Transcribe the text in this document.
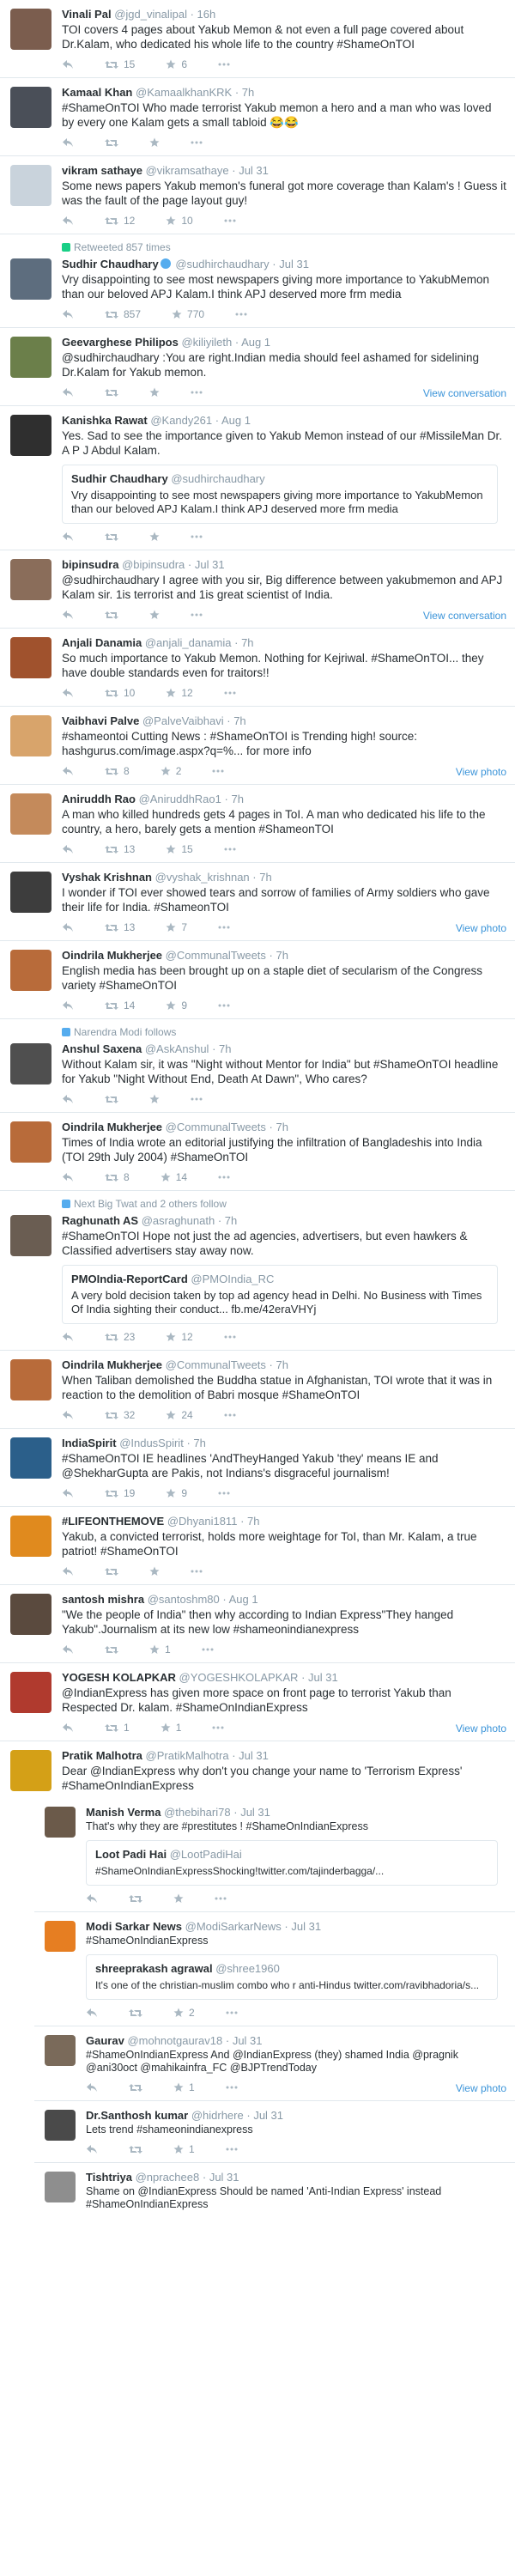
Vinali Pal @jgd_vinalipal · 16h
TOI covers 4 pages about Yakub Memon & not even a full page covered about Dr.Kalam, who dedicated his whole life to the country #ShameOnTOI
15	6
Kamaal Khan @KamaalkhanKRK · 7h
#ShameOnTOI Who made terrorist Yakub memon a hero and a man who was loved by every one Kalam gets a small tabloid 😂😂
vikram sathaye @vikramsathaye · Jul 31
Some news papers Yakub memon's funeral got more coverage than Kalam's ! Guess it was the fault of the page layout guy!
12	10
Retweeted 857 times
Sudhir Chaudhary @sudhirchaudhary · Jul 31
Vry disappointing to see most newspapers giving more importance to YakubMemon than our beloved APJ Kalam.I think APJ deserved more frm media
857	770
Geevarghese Philipos @kiliyileth · Aug 1
@sudhirchaudhary :You are right.Indian media should feel ashamed for sidelining Dr.Kalam for Yakub memon.
View conversation
Kanishka Rawat @Kandy261 · Aug 1
Yes. Sad to see the importance given to Yakub Memon instead of our #MissileMan Dr. A P J Abdul Kalam.
Sudhir Chaudhary @sudhirchaudhary
Vry disappointing to see most newspapers giving more importance to YakubMemon than our beloved APJ Kalam.I think APJ deserved more frm media
bipinsudra @bipinsudra · Jul 31
@sudhirchaudhary I agree with you sir, Big difference between yakubmemon and APJ Kalam sir. 1is terrorist and 1is great scientist of India.
View conversation
Anjali Danamia @anjali_danamia · 7h
So much importance to Yakub Memon. Nothing for Kejriwal. #ShameOnTOI... they have double standards even for traitors!!
10	12
Vaibhavi Palve @PalveVaibhavi · 7h
#shameontoi Cutting News : #ShameOnTOI is Trending high! source: hashgurus.com/image.aspx?q=%... for more info
8	2	View photo
Aniruddh Rao @AniruddhRao1 · 7h
A man who killed hundreds gets 4 pages in ToI. A man who dedicated his life to the country, a hero, barely gets a mention #ShameonTOI
13	15
Vyshak Krishnan @vyshak_krishnan · 7h
I wonder if TOI ever showed tears and sorrow of families of Army soldiers who gave their life for India. #ShameonTOI
13	7	View photo
Oindrila Mukherjee @CommunalTweets · 7h
English media has been brought up on a staple diet of secularism of the Congress variety #ShameOnTOI
14	9
Narendra Modi follows
Anshul Saxena @AskAnshul · 7h
Without Kalam sir, it was "Night without Mentor for India" but #ShameOnTOI headline for Yakub "Night Without End, Death At Dawn", Who cares?
Oindrila Mukherjee @CommunalTweets · 7h
Times of India wrote an editorial justifying the infiltration of Bangladeshis into India (TOI 29th July 2004) #ShameOnTOI
8	14
Next Big Twat and 2 others follow
Raghunath AS @asraghunath · 7h
#ShameOnTOI Hope not just the ad agencies, advertisers, but even hawkers & Classified advertisers stay away now.
PMOIndia-ReportCard @PMOIndia_RC
A very bold decision taken by top ad agency head in Delhi. No Business with Times Of India sighting their conduct... fb.me/42eraVHYj
23	12
Oindrila Mukherjee @CommunalTweets · 7h
When Taliban demolished the Buddha statue in Afghanistan, TOI wrote that it was in reaction to the demolition of Babri mosque #ShameOnTOI
32	24
IndiaSpirit @IndusSpirit · 7h
#ShameOnTOI IE headlines 'AndTheyHanged Yakub 'they' means IE and @ShekharGupta are Pakis, not Indians's disgraceful journalism!
19	9
#LIFEONTHEMOVE @Dhyani1811 · 7h
Yakub, a convicted terrorist, holds more weightage for ToI, than Mr. Kalam, a true patriot! #ShameOnTOI
santosh mishra @santoshm80 · Aug 1
"We the people of India" then why according to Indian Express"They hanged Yakub".Journalism at its new low #shameonindianexpress
1
YOGESH KOLAPKAR @YOGESHKOLAPKAR · Jul 31
@IndianExpress has given more space on front page to terrorist Yakub than Respected Dr. kalam. #ShameOnIndianExpress
1	1	View photo
Pratik Malhotra @PratikMalhotra · Jul 31
Dear @IndianExpress why don't you change your name to 'Terrorism Express' #ShameOnIndianExpress
Manish Verma @thebihari78 · Jul 31
That's why they are #prestitutes ! #ShameOnIndianExpress
Loot Padi Hai @LootPadiHai
#ShameOnIndianExpressShocking!twitter.com/tajinderbagga/...
Modi Sarkar News @ModiSarkarNews · Jul 31
#ShameOnIndianExpress
shreeprakash agrawal @shree1960
It's one of the christian-muslim combo who r anti-Hindus twitter.com/ravibhadoria/s...
2
Gaurav @mohnotgaurav18 · Jul 31
#ShameOnIndianExpress And @IndianExpress (they) shamed India @pragnik @ani30oct @mahikainfra_FC @BJPTrendToday
1	View photo
Dr.Santhosh kumar @hidrhere · Jul 31
Lets trend #shameonindianexpress
1
Tishtriya @nprachee8 · Jul 31
Shame on @IndianExpress Should be named 'Anti-Indian Express' instead #ShameOnIndianExpress
